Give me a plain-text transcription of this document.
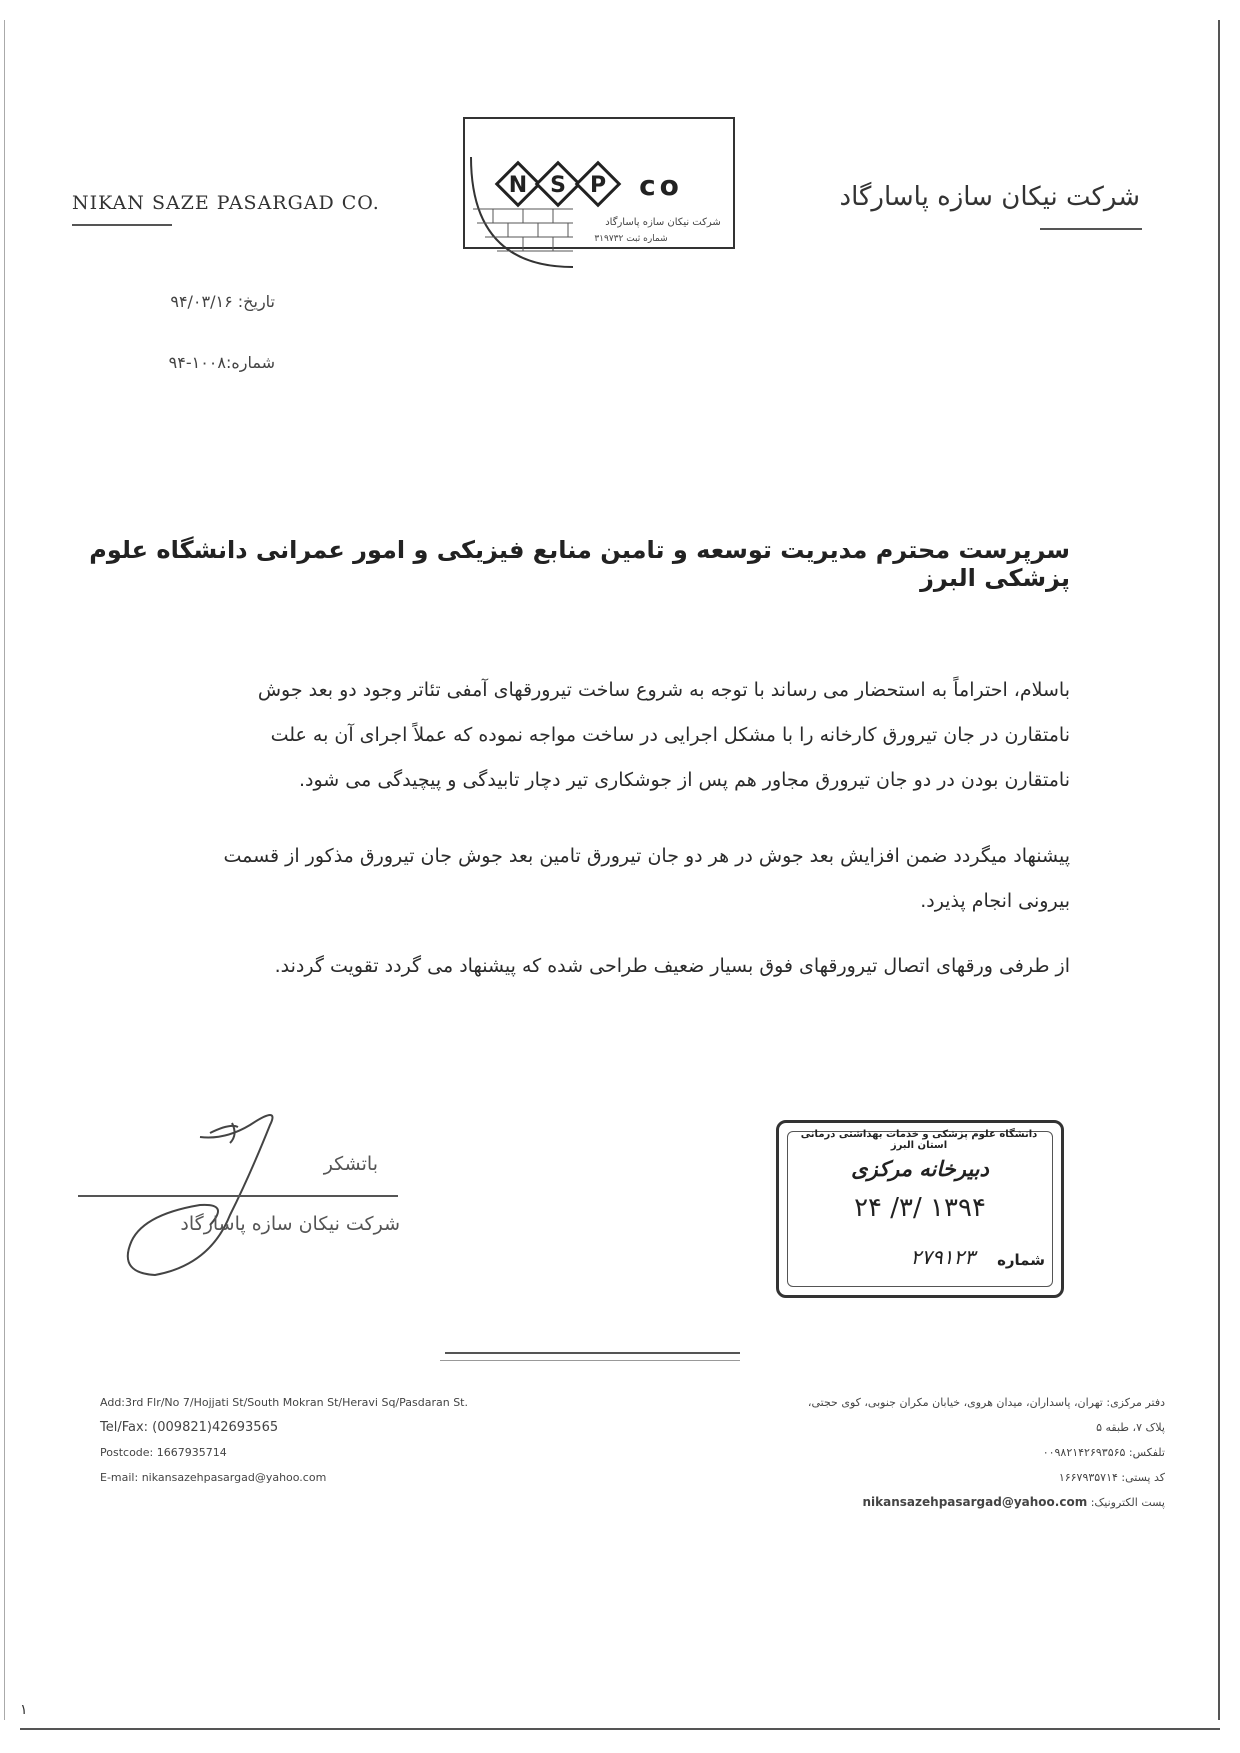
NIKAN SAZE PASARGAD CO.	شرکت نیکان سازه پاسارگاد
N S P co
شرکت نیکان سازه پاسارگاد
شماره ثبت ۳۱۹۷۳۲
تاریخ: ۹۴/۰۳/۱۶
شماره:۱۰۰۸-۹۴
سرپرست محترم مدیریت توسعه و تامین منابع فیزیکی و امور عمرانی دانشگاه علوم پزشکی البرز
باسلام، احتراماً به استحضار می رساند با توجه به شروع ساخت تیرورقهای آمفی تئاتر وجود دو بعد جوش نامتقارن در جان تیرورق کارخانه را با مشکل اجرایی در ساخت مواجه نموده که عملاً اجرای آن به علت نامتقارن بودن در دو جان تیرورق مجاور هم پس از جوشکاری تیر دچار تابیدگی و پیچیدگی می شود.
پیشنهاد میگردد ضمن افزایش بعد جوش در هر دو جان تیرورق تامین بعد جوش جان تیرورق مذکور از قسمت بیرونی انجام پذیرد.
از طرفی ورقهای اتصال تیرورقهای فوق بسیار ضعیف طراحی شده که پیشنهاد می گردد تقویت گردند.
باتشکر
شرکت نیکان سازه پاسارگاد
دانشگاه علوم پزشکی و خدمات بهداشتی درمانی استان البرز
دبیرخانه مرکزی
۱۳۹۴ /۳/ ۲۴
شماره
۲۷۹۱۲۳
Add:3rd Flr/No 7/Hojjati St/South Mokran St/Heravi Sq/Pasdaran St.
Tel/Fax: (009821)42693565
Postcode: 1667935714
E-mail: nikansazehpasargad@yahoo.com
دفتر مرکزی: تهران، پاسداران، میدان هروی، خیابان مکران جنوبی، کوی حجتی،
پلاک ۷، طبقه ۵
تلفکس: ۰۰۹۸۲۱۴۲۶۹۳۵۶۵
کد پستی: ۱۶۶۷۹۳۵۷۱۴
پست الکترونیک: nikansazehpasargad@yahoo.com
۱
